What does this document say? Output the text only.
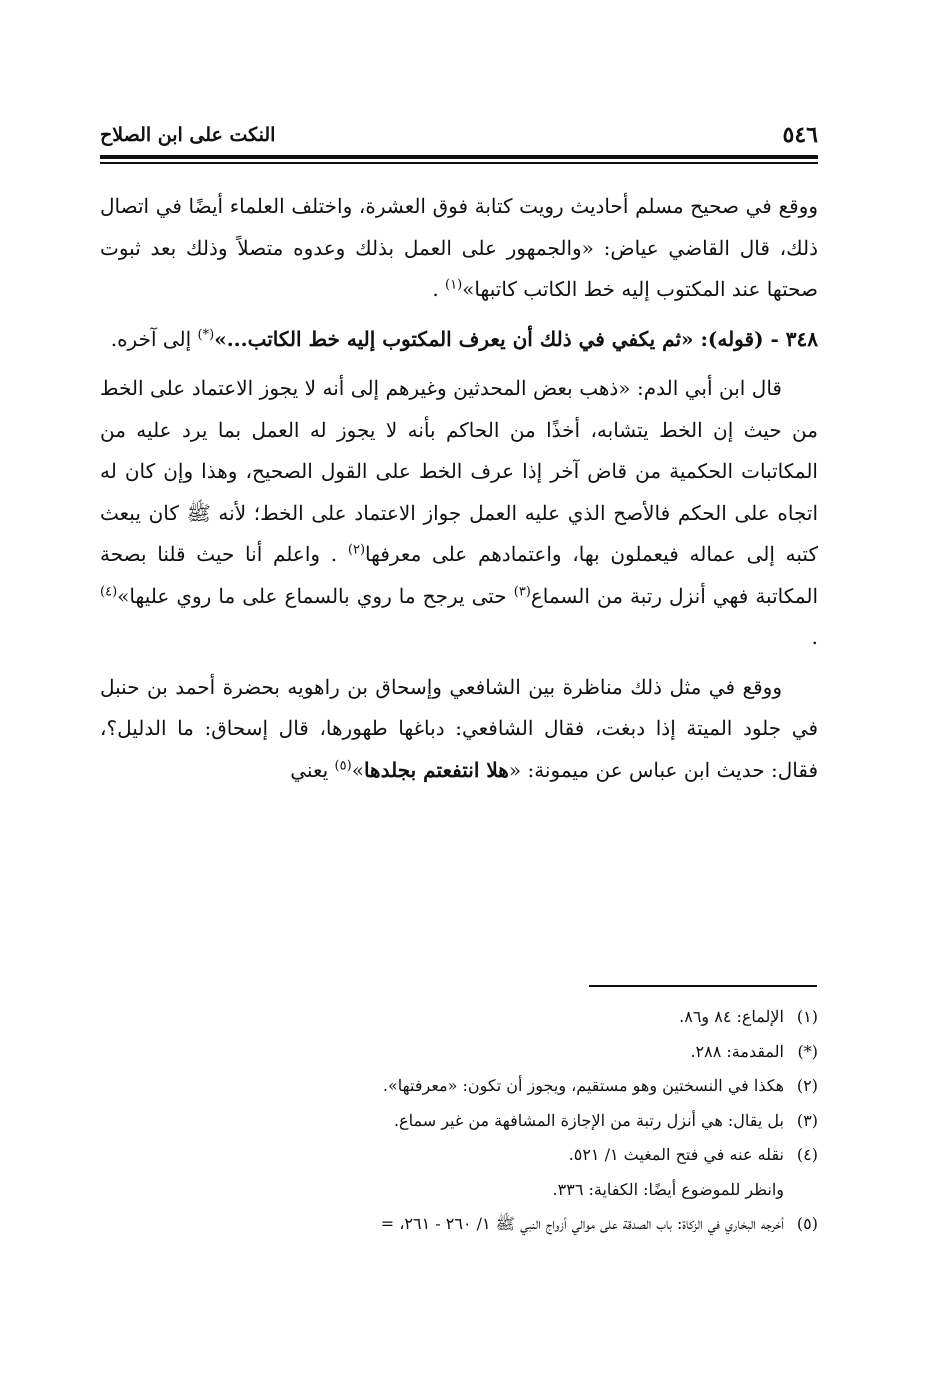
٥٤٦
النكت على ابن الصلاح

ووقع في صحيح مسلم أحاديث رويت كتابة فوق العشرة، واختلف العلماء أيضًا في اتصال ذلك، قال القاضي عياض: «والجمهور على العمل بذلك وعدوه متصلاً وذلك بعد ثبوت صحتها عند المكتوب إليه خط الكاتب كاتبها»$^{(١)}$ .

٣٤٨ - (قوله): «ثم يكفي في ذلك أن يعرف المكتوب إليه خط الكاتب...»(*) إلى آخره.

قال ابن أبي الدم: «ذهب بعض المحدثين وغيرهم إلى أنه لا يجوز الاعتماد على الخط من حيث إن الخط يتشابه، أخذًا من الحاكم بأنه لا يجوز له العمل بما يرد عليه من المكاتبات الحكمية من قاض آخر إذا عرف الخط على القول الصحيح، وهذا وإن كان له اتجاه على الحكم فالأصح الذي عليه العمل جواز الاعتماد على الخط؛ لأنه ﷺ كان يبعث كتبه إلى عماله فيعملون بها، واعتمادهم على معرفها$^{(٢)}$ . واعلم أنا حيث قلنا بصحة المكاتبة فهي أنزل رتبة من السماع$^{(٣)}$ حتى يرجح ما روي بالسماع على ما روي عليها»$^{(٤)}$ .

ووقع في مثل ذلك مناظرة بين الشافعي وإسحاق بن راهويه بحضرة أحمد بن حنبل في جلود الميتة إذا دبغت، فقال الشافعي: دباغها طهورها، قال إسحاق: ما الدليل؟، فقال: حديث ابن عباس عن ميمونة: «هلا انتفعتم بجلدها»$^{(٥)}$ يعني

(١)الإلماع: ٨٤ و٨٦.

(*)المقدمة: ٢٨٨.

(٢)هكذا في النسختين وهو مستقيم، ويجوز أن تكون: «معرفتها».

(٣)بل يقال: هي أنزل رتبة من الإجازة المشافهة من غير سماع.

(٤)نقله عنه في فتح المغيث ١/ ٥٢١.

وانظر للموضوع أيضًا: الكفاية: ٣٣٦.

(٥)أخرجه البخاري في الزكاة: باب الصدقة على موالي أزواج النبي ﷺ ١/ ٢٦٠ - ٢٦١، =
